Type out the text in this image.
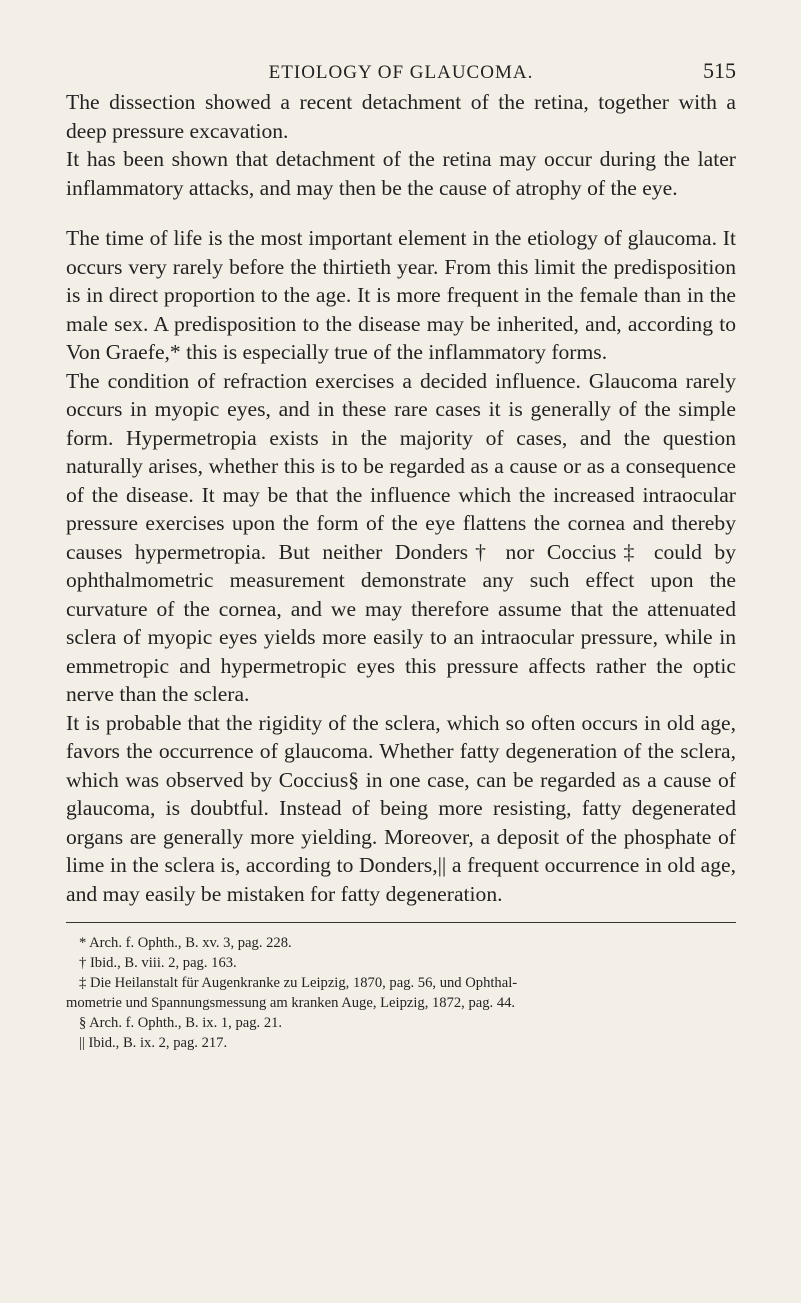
ETIOLOGY OF GLAUCOMA.	515

The dissection showed a recent detachment of the retina, together with a deep pressure excavation.

It has been shown that detachment of the retina may occur during the later inflammatory attacks, and may then be the cause of atrophy of the eye.

The time of life is the most important element in the etiology of glaucoma. It occurs very rarely before the thirtieth year. From this limit the predisposition is in direct proportion to the age. It is more frequent in the female than in the male sex. A predisposition to the disease may be inherited, and, according to Von Graefe,* this is especially true of the inflammatory forms.

The condition of refraction exercises a decided influence. Glaucoma rarely occurs in myopic eyes, and in these rare cases it is generally of the simple form. Hypermetropia exists in the majority of cases, and the question naturally arises, whether this is to be regarded as a cause or as a consequence of the disease. It may be that the influence which the increased intraocular pressure exercises upon the form of the eye flattens the cornea and thereby causes hypermetropia. But neither Donders† nor Coccius‡ could by ophthalmometric measurement demonstrate any such effect upon the curvature of the cornea, and we may therefore assume that the attenuated sclera of myopic eyes yields more easily to an intraocular pressure, while in emmetropic and hypermetropic eyes this pressure affects rather the optic nerve than the sclera.

It is probable that the rigidity of the sclera, which so often occurs in old age, favors the occurrence of glaucoma. Whether fatty degeneration of the sclera, which was observed by Coccius§ in one case, can be regarded as a cause of glaucoma, is doubtful. Instead of being more resisting, fatty degenerated organs are generally more yielding. Moreover, a deposit of the phosphate of lime in the sclera is, according to Donders,|| a frequent occurrence in old age, and may easily be mistaken for fatty degeneration.

* Arch. f. Ophth., B. xv. 3, pag. 228.

† Ibid., B. viii. 2, pag. 163.

‡ Die Heilanstalt für Augenkranke zu Leipzig, 1870, pag. 56, und Ophthal-

mometrie und Spannungsmessung am kranken Auge, Leipzig, 1872, pag. 44.

§ Arch. f. Ophth., B. ix. 1, pag. 21.

|| Ibid., B. ix. 2, pag. 217.
